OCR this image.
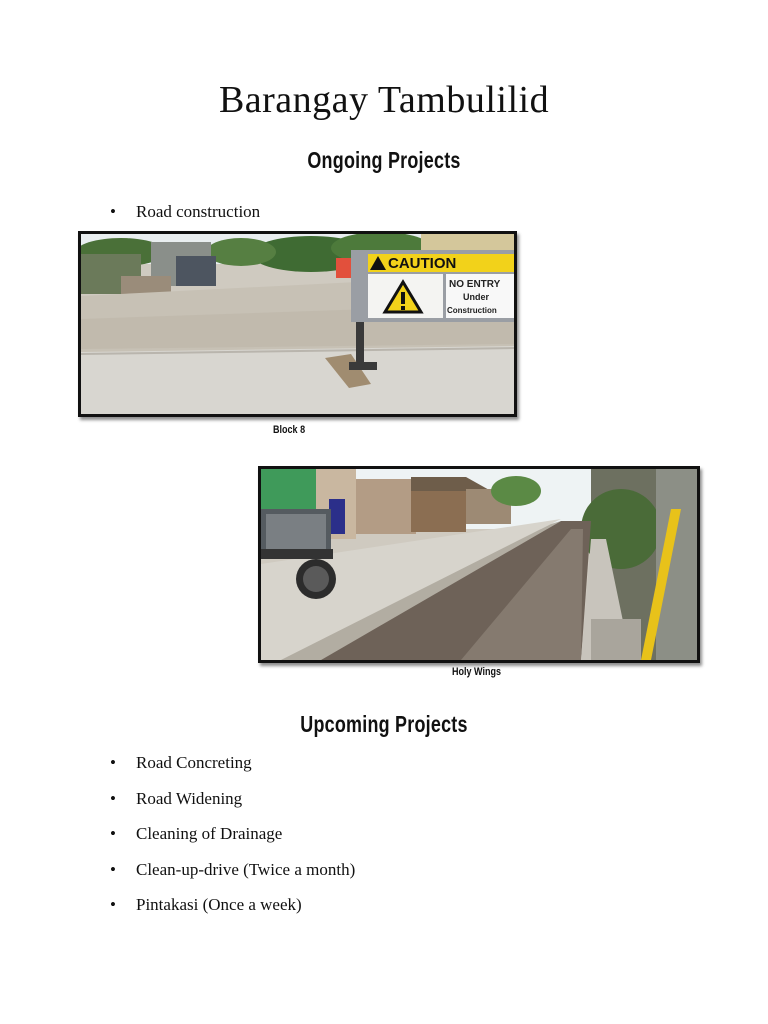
Barangay Tambulilid
Ongoing Projects
• Road construction
CAUTION
NO ENTRY
Under
Construction

Block 8

Holy Wings

Upcoming Projects
• Road Concreting
• Road Widening
• Cleaning of Drainage
• Clean-up-drive (Twice a month)
• Pintakasi (Once a week)
